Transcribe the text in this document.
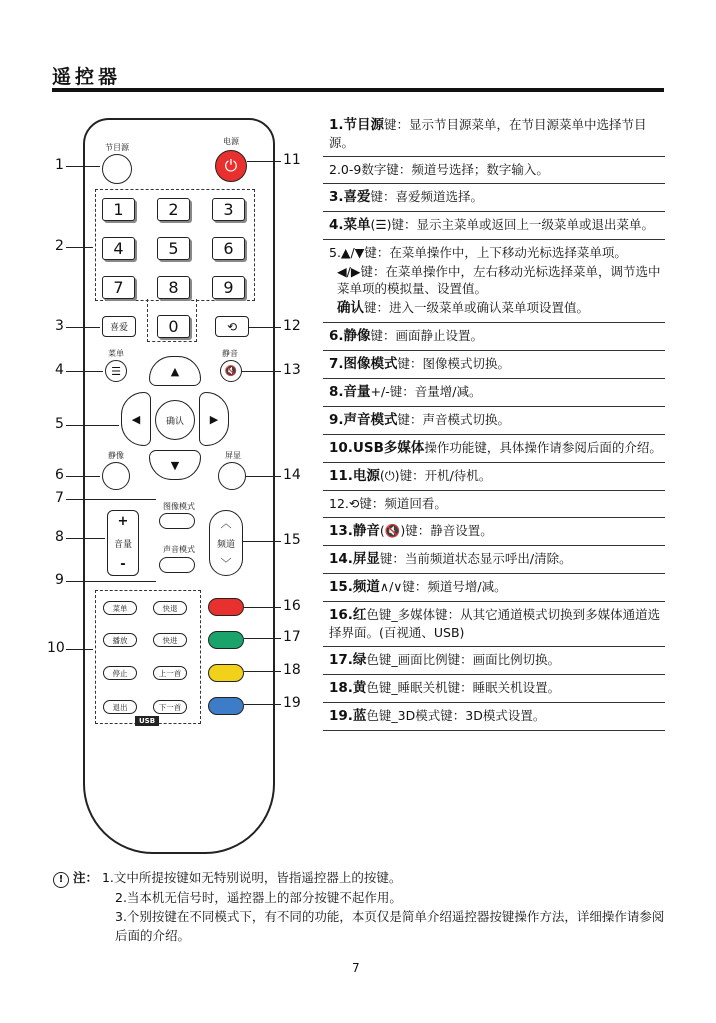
遥控器
节目源
电源
⏻
1	2	3
4	5	6
7	8	9
0
喜爱	⟲
菜单
☰
静音
🔇
▲
▼
◀	▶
确认
静像	屏显
图像模式
声音模式
+
音量
-
︿
频道
﹀
菜单	快退
播放	快进
停止	上一首
退出	下一首
USB
1
2
3
4
5
6
7
8
9
10
11
12
13
14
15
16
17
18
19
1.节目源键：显示节目源菜单，在节目源菜单中选择节目源。
2.0-9数字键：频道号选择；数字输入。
3.喜爱键：喜爱频道选择。
4.菜单(☰)键：显示主菜单或返回上一级菜单或退出菜单。
5.▲/▼键：在菜单操作中，上下移动光标选择菜单项。
◀/▶键：在菜单操作中，左右移动光标选择菜单，调节选中菜单项的模拟量、设置值。
确认键：进入一级菜单或确认菜单项设置值。
6.静像键：画面静止设置。
7.图像模式键：图像模式切换。
8.音量+/-键：音量增/减。
9.声音模式键：声音模式切换。
10.USB多媒体操作功能键，具体操作请参阅后面的介绍。
11.电源(⏻)键：开机/待机。
12.⟲键：频道回看。
13.静音(🔇)键：静音设置。
14.屏显键：当前频道状态显示呼出/清除。
15.频道∧/∨键：频道号增/减。
16.红色键_多媒体键：从其它通道模式切换到多媒体通道选择界面。(百视通、USB)
17.绿色键_画面比例键：画面比例切换。
18.黄色键_睡眠关机键：睡眠关机设置。
19.蓝色键_3D模式键：3D模式设置。
! 注： 1.文中所提按键如无特别说明，皆指遥控器上的按键。
2.当本机无信号时，遥控器上的部分按键不起作用。
3.个别按键在不同模式下，有不同的功能，本页仅是简单介绍遥控器按键操作方法，详细操作请参阅后面的介绍。
7
